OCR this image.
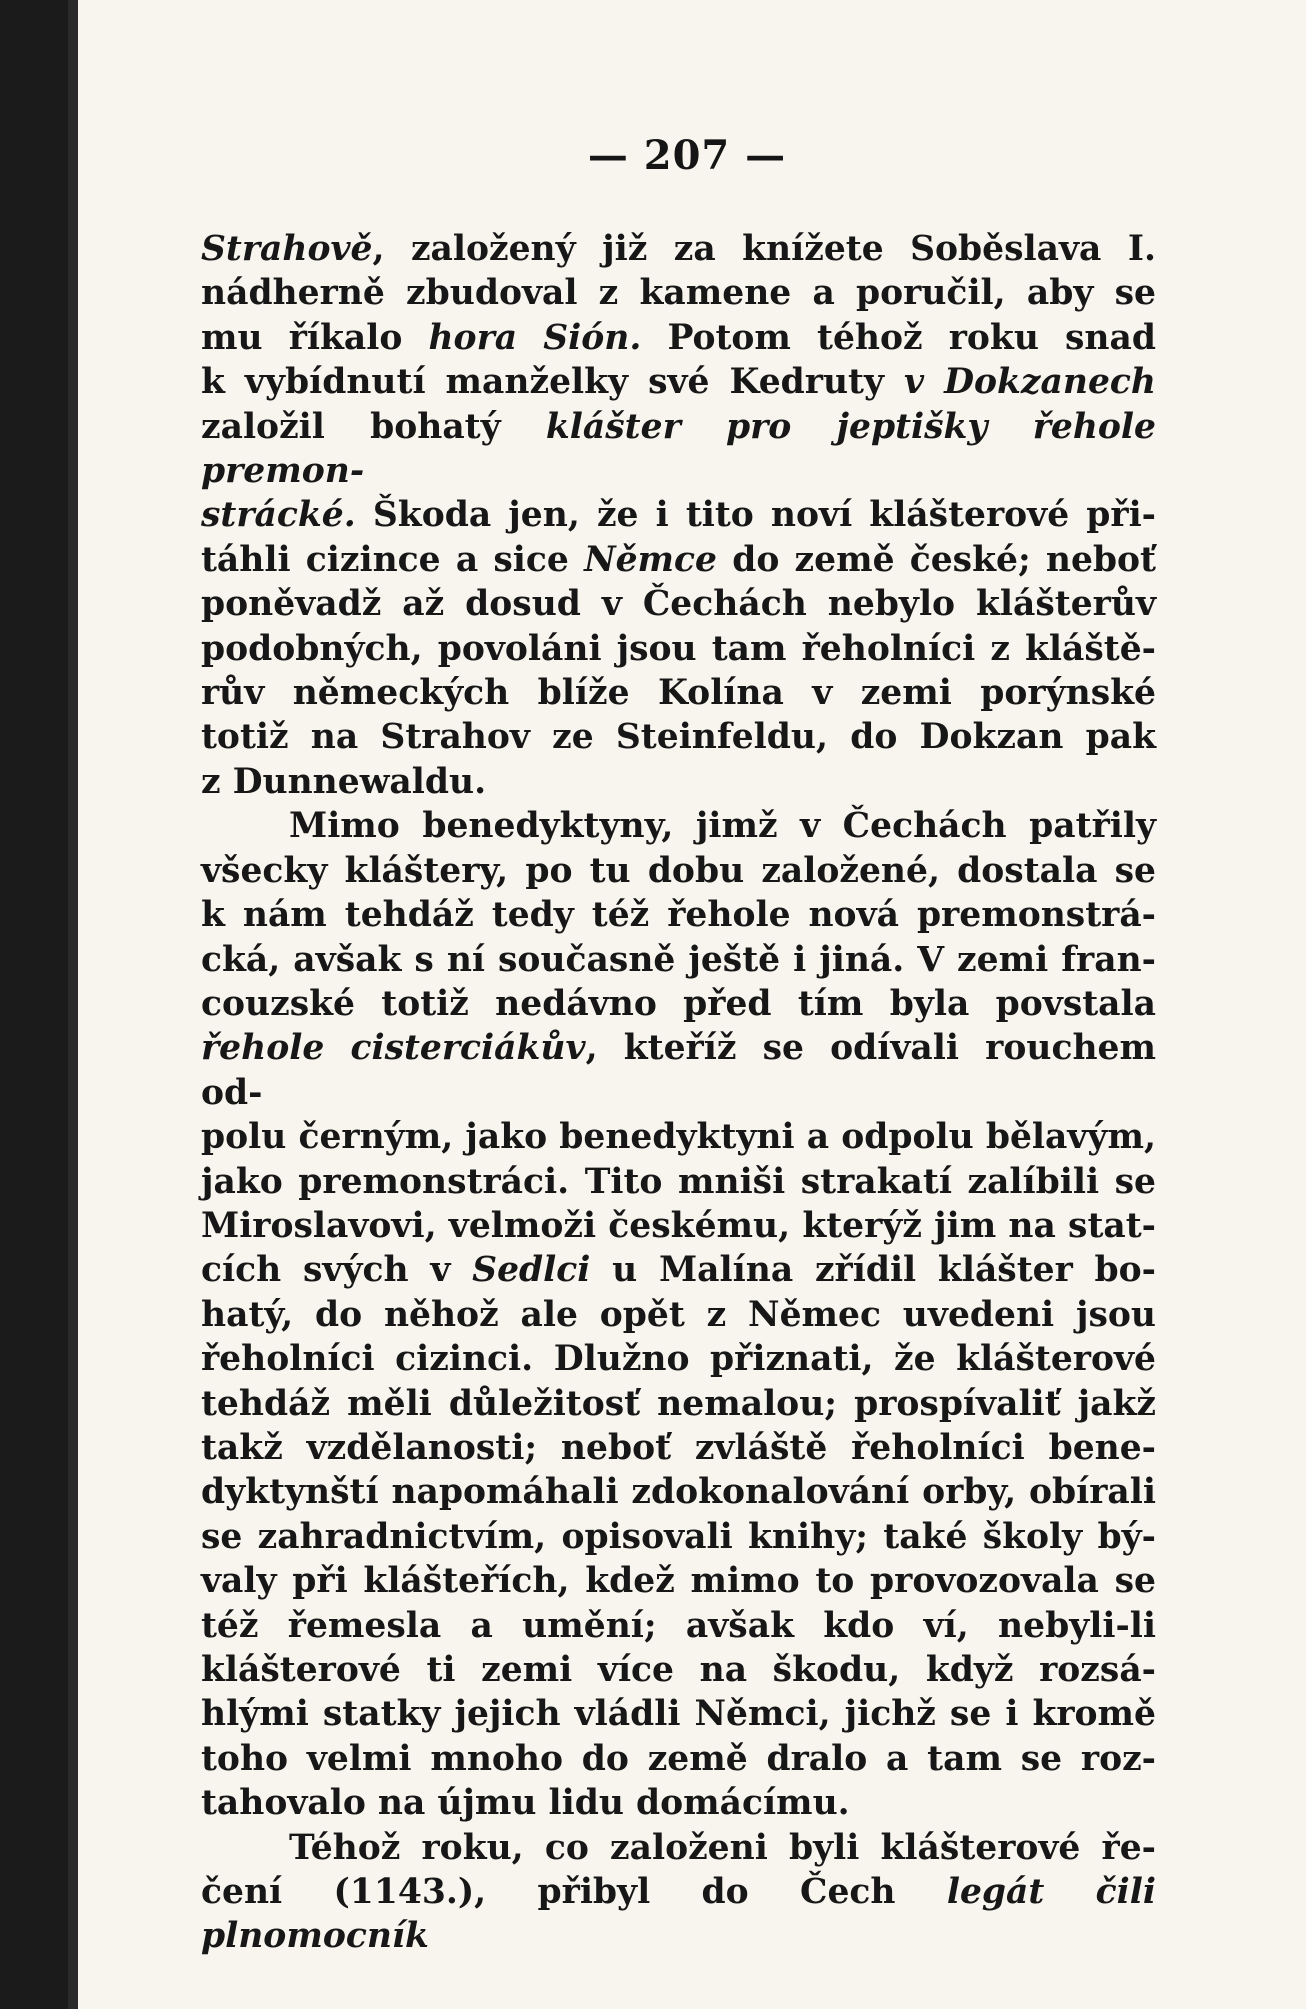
— 207 —
Strahově, založený již za knížete Soběslava I.
nádherně zbudoval z kamene a poručil, aby se
mu říkalo hora Sión. Potom téhož roku snad
k vybídnutí manželky své Kedruty v Dokzanech
založil bohatý klášter pro jeptišky řehole premon-
strácké. Škoda jen, že i tito noví klášterové při-
táhli cizince a sice Němce do země české; neboť
poněvadž až dosud v Čechách nebylo klášterův
podobných, povoláni jsou tam řeholníci z kláště-
rův německých blíže Kolína v zemi porýnské
totiž na Strahov ze Steinfeldu, do Dokzan pak
z Dunnewaldu.
Mimo benedyktyny, jimž v Čechách patřily
všecky kláštery, po tu dobu založené, dostala se
k nám tehdáž tedy též řehole nová premonstrá-
cká, avšak s ní současně ještě i jiná. V zemi fran-
couzské totiž nedávno před tím byla povstala
řehole cisterciákův, kteříž se odívali rouchem od-
polu černým, jako benedyktyni a odpolu bělavým,
jako premonstráci. Tito mniši strakatí zalíbili se
Miroslavovi, velmoži českému, kterýž jim na stat-
cích svých v Sedlci u Malína zřídil klášter bo-
hatý, do něhož ale opět z Němec uvedeni jsou
řeholníci cizinci. Dlužno přiznati, že klášterové
tehdáž měli důležitosť nemalou; prospívaliť jakž
takž vzdělanosti; neboť zvláště řeholníci bene-
dyktynští napomáhali zdokonalování orby, obírali
se zahradnictvím, opisovali knihy; také školy bý-
valy při klášteřích, kdež mimo to provozovala se
též řemesla a umění; avšak kdo ví, nebyli-li
klášterové ti zemi více na škodu, když rozsá-
hlými statky jejich vládli Němci, jichž se i kromě
toho velmi mnoho do země dralo a tam se roz-
tahovalo na újmu lidu domácímu.
Téhož roku, co založeni byli klášterové ře-
čení (1143.), přibyl do Čech legát čili plnomocník
